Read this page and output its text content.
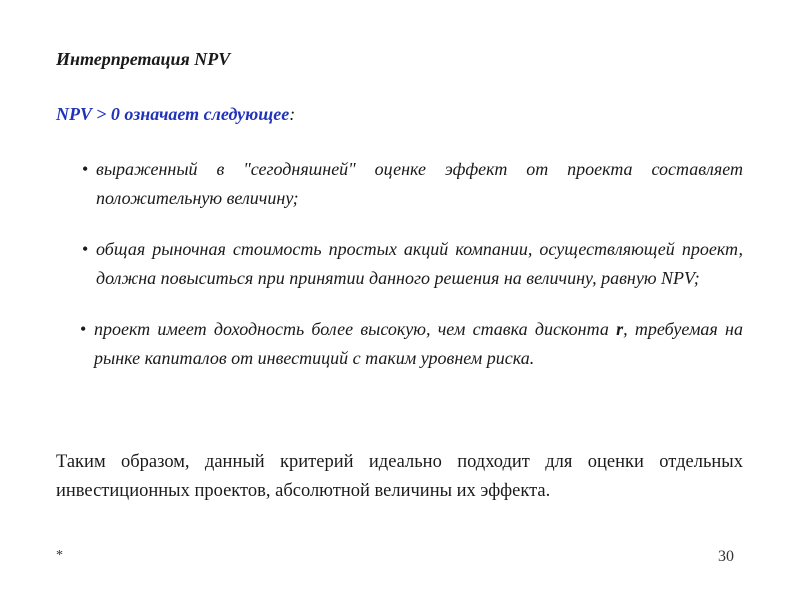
Интерпретация NPV

NPV > 0 означает следующее:

• выраженный в "сегодняшней" оценке эффект от проекта составляет положительную величину;
• общая рыночная стоимость простых акций компании, осуществляющей проект, должна повыситься при принятии данного решения на величину, равную NPV;
• проект имеет доходность более высокую, чем ставка дисконта r, требуемая на рынке капиталов от инвестиций с таким уровнем риска.

Таким образом, данный критерий идеально подходит для оценки отдельных инвестиционных проектов, абсолютной величины их эффекта.

*	30
